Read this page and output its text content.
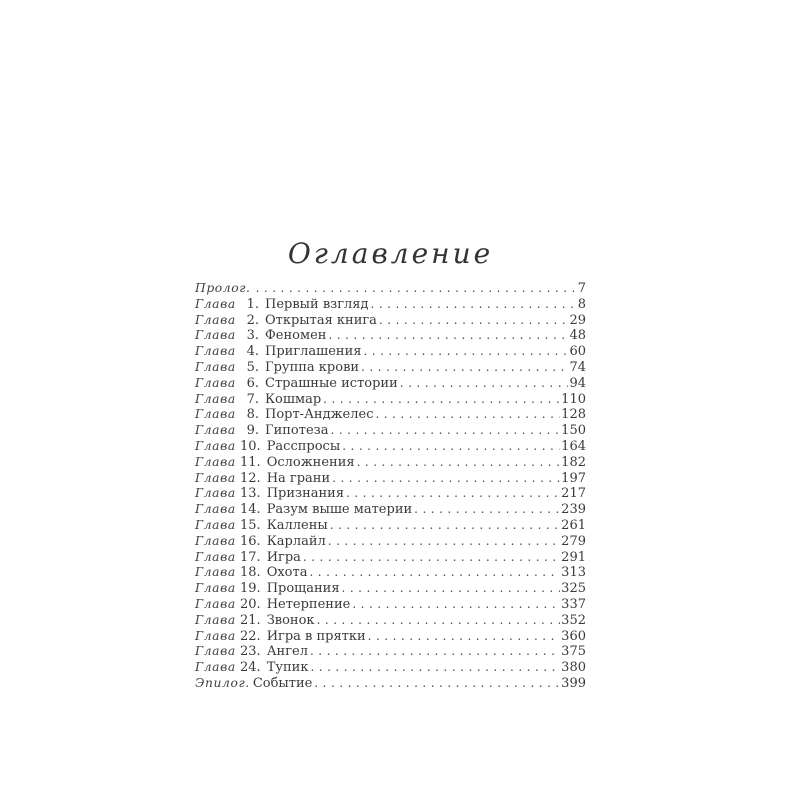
Оглавление
Пролог. .....	7
Глава 1. Первый взгляд .....	8
Глава 2. Открытая книга .....	29
Глава 3. Феномен .....	48
Глава 4. Приглашения .....	60
Глава 5. Группа крови .....	74
Глава 6. Страшные истории .....	94
Глава 7. Кошмар .....	110
Глава 8. Порт-Анджелес .....	128
Глава 9. Гипотеза .....	150
Глава 10. Расспросы .....	164
Глава 11. Осложнения .....	182
Глава 12. На грани .....	197
Глава 13. Признания .....	217
Глава 14. Разум выше материи .....	239
Глава 15. Каллены .....	261
Глава 16. Карлайл .....	279
Глава 17. Игра .....	291
Глава 18. Охота .....	313
Глава 19. Прощания .....	325
Глава 20. Нетерпение .....	337
Глава 21. Звонок .....	352
Глава 22. Игра в прятки .....	360
Глава 23. Ангел .....	375
Глава 24. Тупик .....	380
Эпилог. Событие .....	399
